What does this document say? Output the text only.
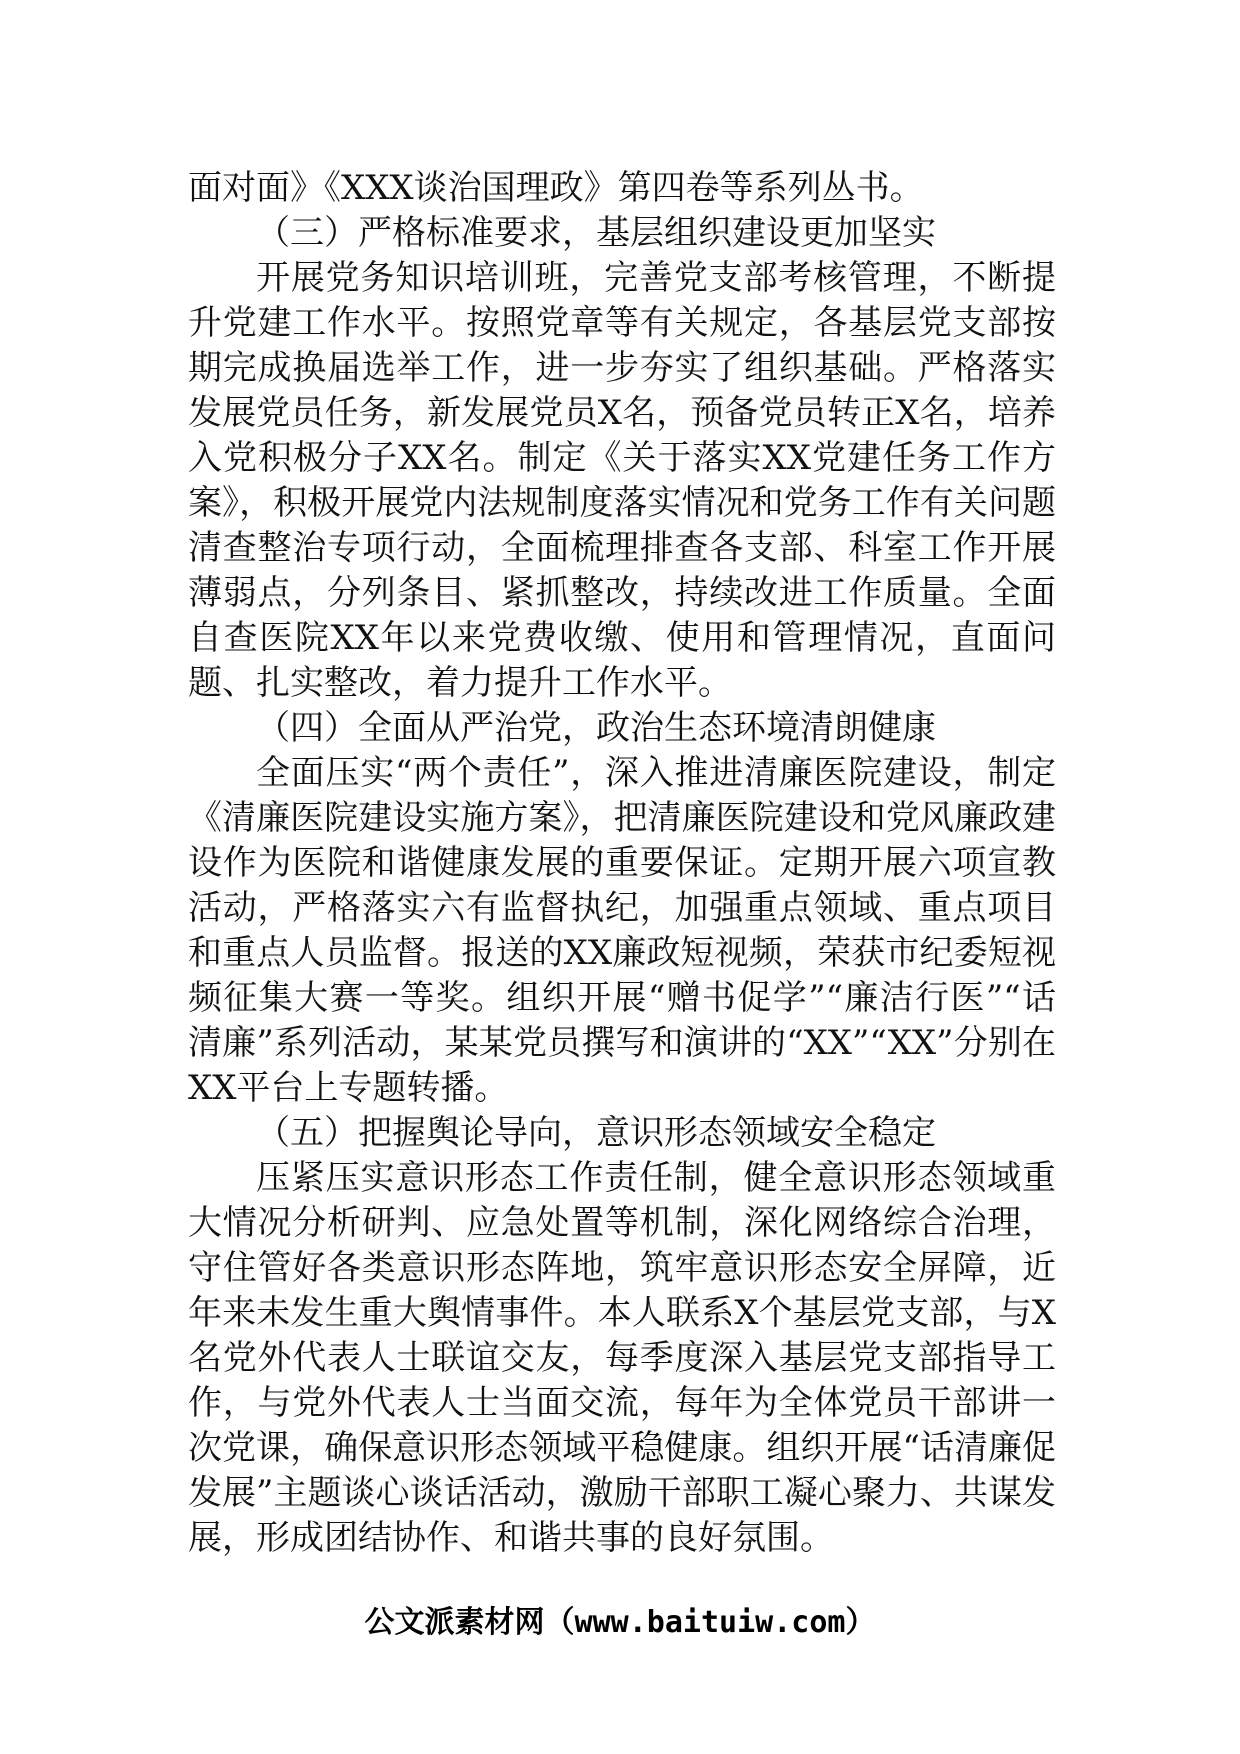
面对面》《XXX谈治国理政》第四卷等系列丛书。

（三）严格标准要求，基层组织建设更加坚实

开展党务知识培训班，完善党支部考核管理，不断提升党建工作水平。按照党章等有关规定，各基层党支部按期完成换届选举工作，进一步夯实了组织基础。严格落实发展党员任务，新发展党员X名，预备党员转正X名，培养入党积极分子XX名。制定《关于落实XX党建任务工作方案》，积极开展党内法规制度落实情况和党务工作有关问题清查整治专项行动，全面梳理排查各支部、科室工作开展薄弱点，分列条目、紧抓整改，持续改进工作质量。全面自查医院XX年以来党费收缴、使用和管理情况，直面问题、扎实整改，着力提升工作水平。

（四）全面从严治党，政治生态环境清朗健康

全面压实“两个责任”，深入推进清廉医院建设，制定《清廉医院建设实施方案》，把清廉医院建设和党风廉政建设作为医院和谐健康发展的重要保证。定期开展六项宣教活动，严格落实六有监督执纪，加强重点领域、重点项目和重点人员监督。报送的XX廉政短视频，荣获市纪委短视频征集大赛一等奖。组织开展“赠书促学”“廉洁行医”“话清廉”系列活动，某某党员撰写和演讲的“XX”“XX”分别在XX平台上专题转播。

（五）把握舆论导向，意识形态领域安全稳定

压紧压实意识形态工作责任制，健全意识形态领域重大情况分析研判、应急处置等机制，深化网络综合治理，守住管好各类意识形态阵地，筑牢意识形态安全屏障，近年来未发生重大舆情事件。本人联系X个基层党支部，与X名党外代表人士联谊交友，每季度深入基层党支部指导工作，与党外代表人士当面交流，每年为全体党员干部讲一次党课，确保意识形态领域平稳健康。组织开展“话清廉促发展”主题谈心谈话活动，激励干部职工凝心聚力、共谋发展，形成团结协作、和谐共事的良好氛围。

公文派素材网（www.baituiw.com）
